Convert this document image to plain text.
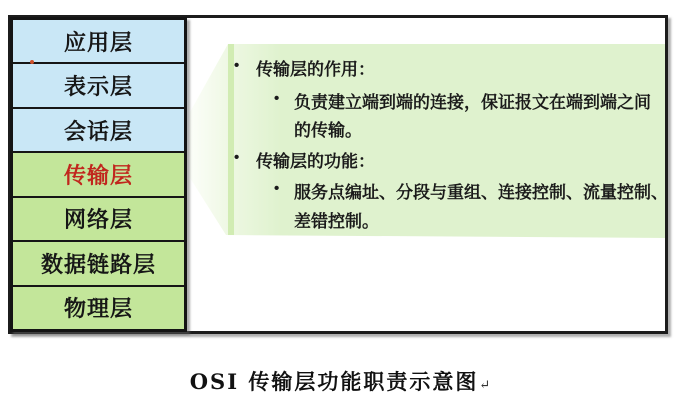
• 传输层的作用：
• 负责建立端到端的连接，保证报文在端到端之间
的传输。
• 传输层的功能：
• 服务点编址、分段与重组、连接控制、流量控制、
差错控制。
应用层
表示层
会话层
传输层
网络层
数据链路层
物理层
OSI 传输层功能职责示意图↵
